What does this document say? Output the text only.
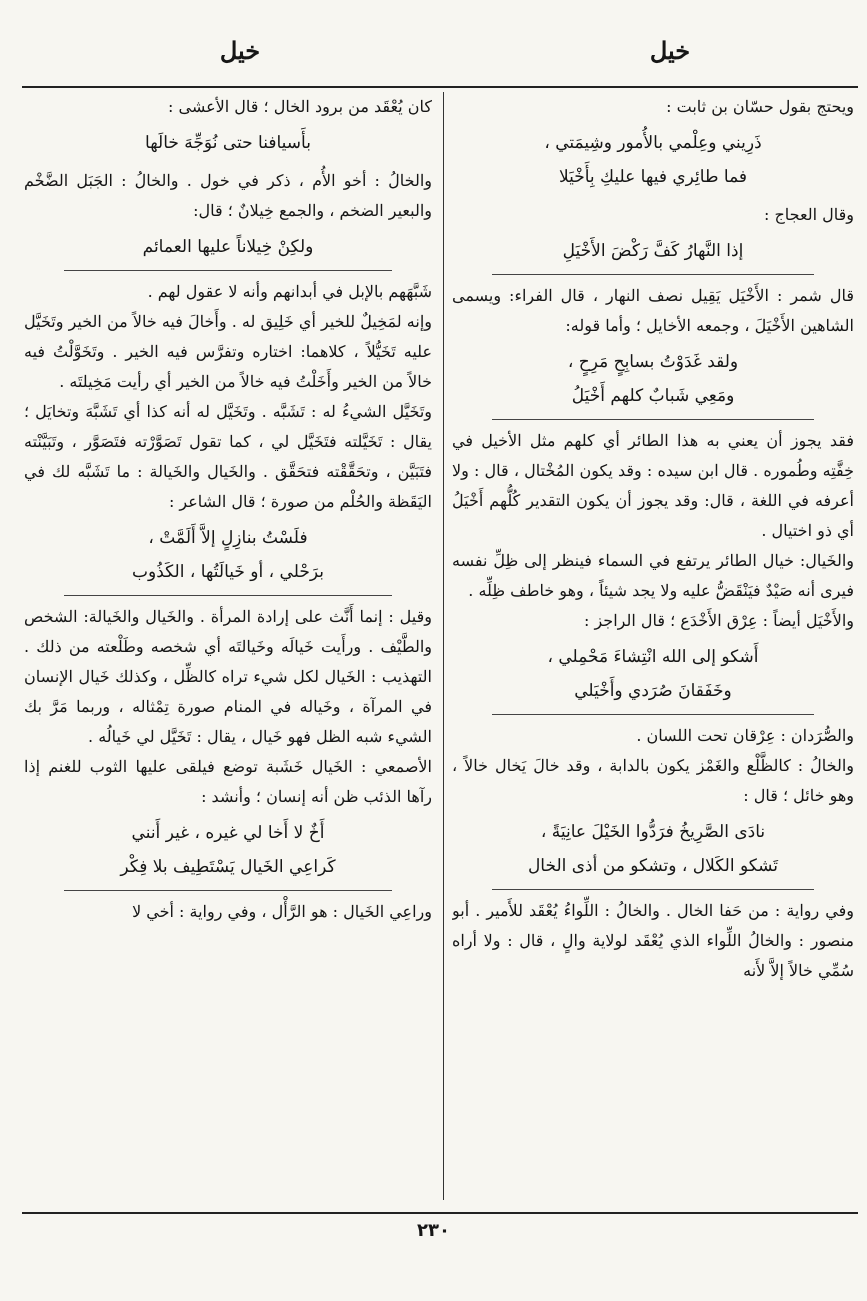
خيل
خيل

ويحتج بقول حسّان بن ثابت :

ذَرِيني وعِلْمي بالأُمور وشِيمَتي ،
فما طائِري فيها عليكِ بِأَخْيَلا

وقال العجاج :

إذا النَّهارُ كَفَّ رَكْضَ الأَخْيَلِ

قال شمر : الأَخْيَل يَقِيل نصف النهار ، قال الفراء: ويسمى الشاهين الأَخْيَلَ ، وجمعه الأخايل ؛ وأما قوله:

ولقد غَدَوْتُ بسابِحٍ مَرِحٍ ،
ومَعِي شَبابٌ كلهم أَخْيَلُ

فقد يجوز أن يعني به هذا الطائر أي كلهم مثل الأخيل في خِفَّتِه وطُموره . قال ابن سيده : وقد يكون المُخْتال ، قال : ولا أعرفه في اللغة ، قال: وقد يجوز أن يكون التقدير كُلُّهم أَخْيَلُ أي ذو اختيال .

والخَيال: خيال الطائر يرتفع في السماء فينظر إلى ظِلِّ نفسه فيرى أنه صَيْدٌ فيَنْقَضُّ عليه ولا يجد شيئاً ، وهو خاطف ظِلِّه .

والأَخْيَل أيضاً : عِرْق الأَخْدَع ؛ قال الراجز :

أَشكو إلى الله انْتِشاءَ مَحْمِلي ،
وخَفَقانَ صُرَدي وأَخْيَلي

والصُّرَدان : عِرْقان تحت اللسان .

والخالُ : كالظَّلْع والغَمْز يكون بالدابة ، وقد خالَ يَخال خالاً ، وهو خائل ؛ قال :

نادَى الصَّرِيخُ فرَدُّوا الخَيْلَ عانِيَةً ،
تَشكو الكَلال ، وتشكو من أذى الخال

وفي رواية : من حَفا الخال . والخالُ : اللِّواءُ يُعْقَد للأَمير . أبو منصور : والخالُ اللِّواء الذي يُعْقَد لولاية والٍ ، قال : ولا أراه سُمِّي خالاً إلاَّ لأَنه

كان يُعْقَد من برود الخال ؛ قال الأعشى :

بأَسيافنا حتى نُوَجِّهَ خالَها

والخالُ : أخو الأُم ، ذكر في خول . والخالُ : الجَبَل الضَّخْم والبعير الضخم ، والجمع خِيلانٌ ؛ قال:

ولكِنْ خِيلاناً عليها العمائم

شَبَّهَهم بالإبل في أبدانهم وأنه لا عقول لهم .

وإنه لمَخِيلٌ للخير أي خَلِيق له . وأَخالَ فيه خالاً من الخير وتَخَيَّل عليه تَخَيُّلاً ، كلاهما: اختاره وتفرَّس فيه الخير . وتَخَوَّلْتُ فيه خالاً من الخير وأَخَلْتُ فيه خالاً من الخير أي رأيت مَخِيلتَه .

وتَخَيَّل الشيءُ له : تَشَبَّه . وتَخَيَّل له أنه كذا أي تَشَبَّهَ وتخايَل ؛ يقال : تَخَيَّلته فتَخَيَّل لي ، كما تقول تَصَوَّرْته فتَصَوَّر ، وتَبَيَّنْته فتَبَيَّن ، وتحَقَّقْته فتحَقَّق . والخَيال والخَيالة : ما تَشَبَّه لك في اليَقَظة والحُلْم من صورة ؛ قال الشاعر :

فلَسْتُ بنازِلٍ إلاَّ أَلَمَّتْ ،
برَحْلي ، أو خَيالَتُها ، الكَذُوب

وقيل : إنما أَنَّث على إرادة المرأة . والخَيال والخَيالة: الشخص والطَّيْف . ورأَيت خَيالَه وخَيالتَه أي شخصه وطَلْعته من ذلك . التهذيب : الخَيال لكل شيء تراه كالظِّل ، وكذلك خَيال الإنسان في المرآة ، وخَياله في المنام صورة تِمْثاله ، وربما مَرَّ بك الشيء شبه الظل فهو خَيال ، يقال : تَخَيَّل لي خَيالُه .

الأصمعي : الخَيال خَشَبة توضع فيلقى عليها الثوب للغنم إذا رآها الذئب ظن أنه إنسان ؛ وأنشد :

أَخٌ لا أَخا لي غيره ، غير أَنني
كَراعِي الخَيال يَسْتَطِيف بلا فِكْر

وراعِي الخَيال : هو الرَّأْل ، وفي رواية : أخي لا

٢٣٠
